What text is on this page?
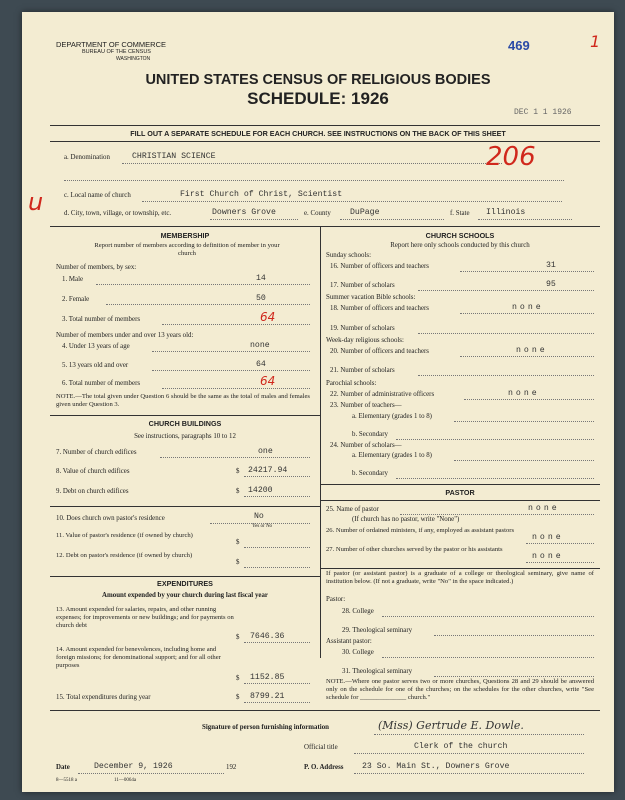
DEPARTMENT OF COMMERCE
BUREAU OF THE CENSUS
WASHINGTON
UNITED STATES CENSUS OF RELIGIOUS BODIES
SCHEDULE: 1926
469	1
DEC 1 1 1926
FILL OUT A SEPARATE SCHEDULE FOR EACH CHURCH. SEE INSTRUCTIONS ON THE BACK OF THIS SHEET
a. Denomination	CHRISTIAN SCIENCE	206
u	c. Local name of church	First Church of Christ, Scientist
d. City, town, village, or township, etc.	Downers Grove	e. County DuPage	f. State Illinois
MEMBERSHIP
Report number of members according to definition of member in your church
Number of members, by sex:
1. Male	14
2. Female	50
3. Total number of members	64
Number of members under and over 13 years old:
4. Under 13 years of age	none
5. 13 years old and over	64
6. Total number of members	64
NOTE.—The total given under Question 6 should be the same as the total of males and females given under Question 3.
CHURCH BUILDINGS
See instructions, paragraphs 10 to 12
7. Number of church edifices	one
8. Value of church edifices	$ 24217.94
9. Debt on church edifices	$ 14200
10. Does church own pastor's residence	No
Yes or No
11. Value of pastor's residence (if owned by church)
$
12. Debt on pastor's residence (if owned by church)
$
EXPENDITURES
Amount expended by your church during last fiscal year
13. Amount expended for salaries, repairs, and other running expenses; for improvements or new buildings; and for payments on church debt
$ 7646.36
14. Amount expended for benevolences, including home and foreign missions; for denominational support; and for all other purposes
$ 1152.85
15. Total expenditures during year	$ 8799.21
CHURCH SCHOOLS
Report here only schools conducted by this church
Sunday schools:
16. Number of officers and teachers	31
17. Number of scholars	95
Summer vacation Bible schools:
18. Number of officers and teachers	none
19. Number of scholars
Week-day religious schools:
20. Number of officers and teachers	none
21. Number of scholars
Parochial schools:
22. Number of administrative officers	none
23. Number of teachers—
a. Elementary (grades 1 to 8)
b. Secondary
24. Number of scholars—
a. Elementary (grades 1 to 8)
b. Secondary
PASTOR
25. Name of pastor	none
(If church has no pastor, write "None")
26. Number of ordained ministers, if any, employed as assistant pastors
none
27. Number of other churches served by the pastor or his assistants
none
If pastor (or assistant pastor) is a graduate of a college or theological seminary, give name of institution below. (If not a graduate, write "No" in the space indicated.)
Pastor:
28. College
29. Theological seminary
Assistant pastor:
30. College
31. Theological seminary
NOTE.—Where one pastor serves two or more churches, Questions 28 and 29 should be answered only on the schedule for one of the churches; on the schedules for the other churches, write "See schedule for ______________ church."
Signature of person furnishing information	(Miss) Gertrude E. Dowle.
Official title	Clerk of the church
Date	December 9, 1926	192	P. O. Address 23 So. Main St., Downers Grove
8—5518 a	11—0064a
